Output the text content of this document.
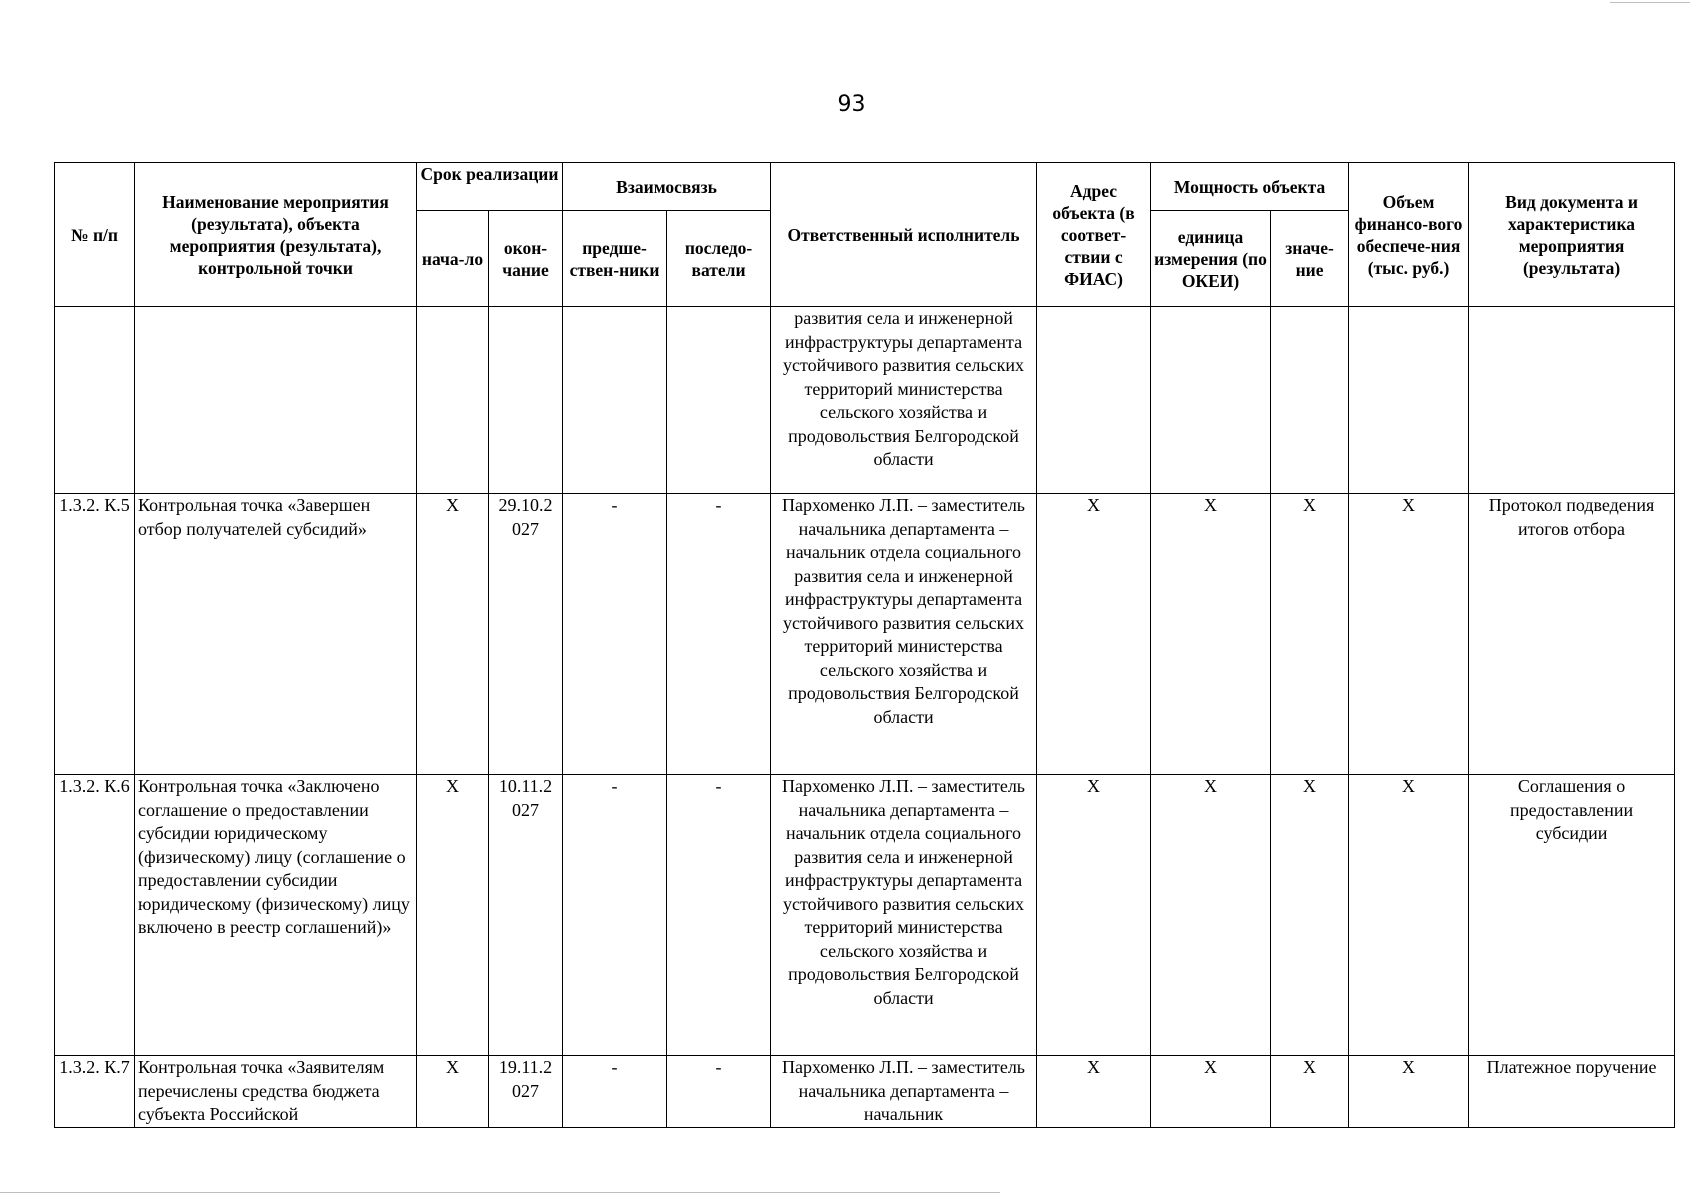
93
№ п/п	Наименование мероприятия (результата), объекта мероприятия (результата), контрольной точки	Срок реализации		Взаимосвязь		Ответственный исполнитель	Адрес объекта (в соответ-ствии с ФИАС)	Мощность объекта		Объем финансо-вого обеспече-ния (тыс. руб.)	Вид документа и характеристика мероприятия (результата)
		нача-ло	окон-чание	предше-ствен-ники	последо-ватели			единица измерения (по ОКЕИ)	значе-ние		
						развития села и инженерной инфраструктуры департамента устойчивого развития сельских территорий министерства сельского хозяйства и продовольствия Белгородской области					
1.3.2. К.5	Контрольная точка «Завершен отбор получателей субсидий»	X	29.10.2 027	-	-	Пархоменко Л.П. – заместитель начальника департамента – начальник отдела социального развития села и инженерной инфраструктуры департамента устойчивого развития сельских территорий министерства сельского хозяйства и продовольствия Белгородской области	X	X	X	X	Протокол подведения итогов отбора
1.3.2. К.6	Контрольная точка «Заключено соглашение о предоставлении субсидии юридическому (физическому) лицу (соглашение о предоставлении субсидии юридическому (физическому) лицу включено в реестр соглашений)»	X	10.11.2 027	-	-	Пархоменко Л.П. – заместитель начальника департамента – начальник отдела социального развития села и инженерной инфраструктуры департамента устойчивого развития сельских территорий министерства сельского хозяйства и продовольствия Белгородской области	X	X	X	X	Соглашения о предоставлении субсидии
1.3.2. К.7	Контрольная точка «Заявителям перечислены средства бюджета субъекта Российской	X	19.11.2 027	-	-	Пархоменко Л.П. – заместитель начальника департамента – начальник	X	X	X	X	Платежное поручение
